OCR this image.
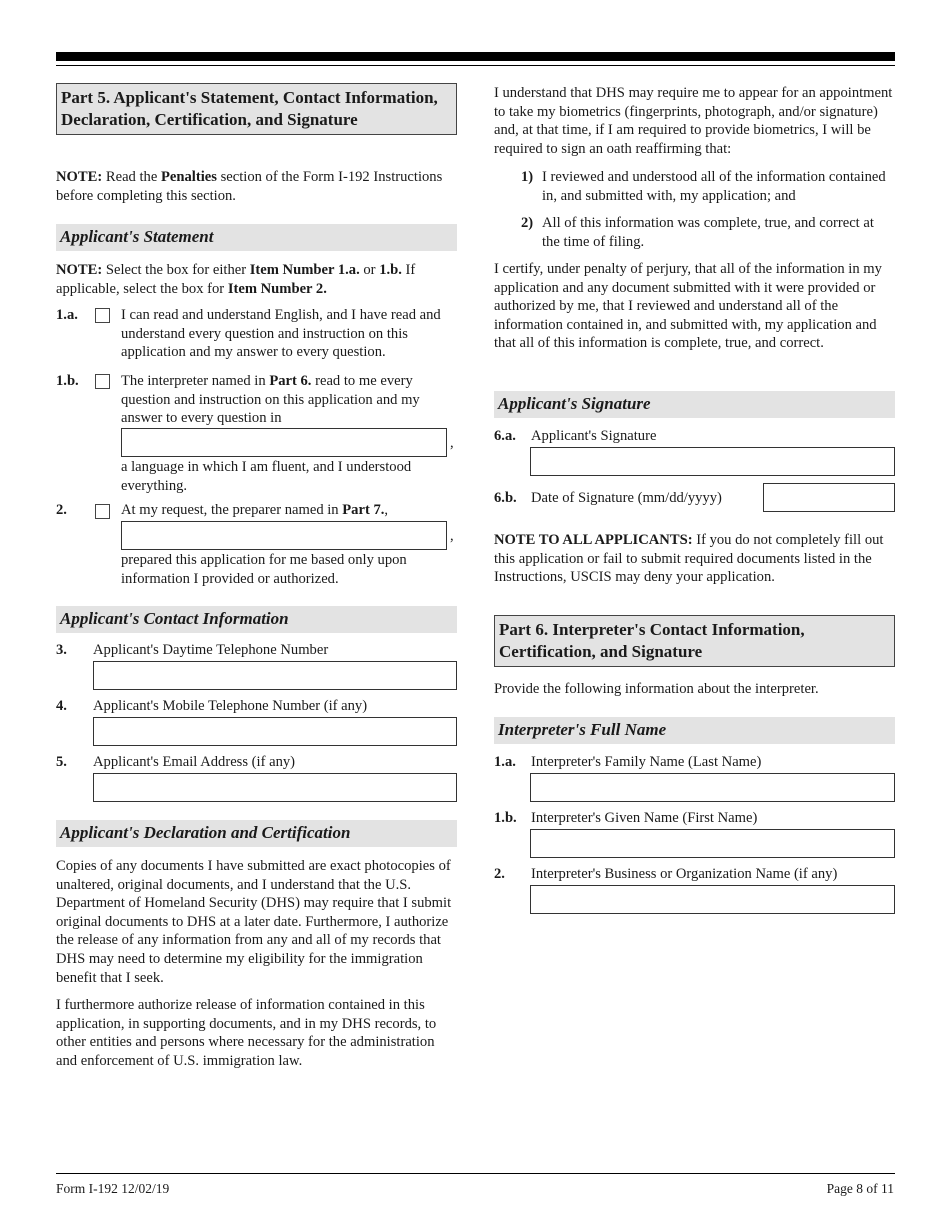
Part 5. Applicant's Statement, Contact Information, Declaration, Certification, and Signature

NOTE: Read the Penalties section of the Form I-192 Instructions before completing this section.

Applicant's Statement

NOTE: Select the box for either Item Number 1.a. or 1.b. If applicable, select the box for Item Number 2.

1.a.	I can read and understand English, and I have read and understand every question and instruction on this application and my answer to every question.

1.b.	The interpreter named in Part 6. read to me every question and instruction on this application and my answer to every question in

,

a language in which I am fluent, and I understood everything.

2.	At my request, the preparer named in Part 7.,

,

prepared this application for me based only upon information I provided or authorized.

Applicant's Contact Information
3. Applicant's Daytime Telephone Number
4. Applicant's Mobile Telephone Number (if any)
5. Applicant's Email Address (if any)
Applicant's Declaration and Certification

Copies of any documents I have submitted are exact photocopies of unaltered, original documents, and I understand that the U.S. Department of Homeland Security (DHS) may require that I submit original documents to DHS at a later date. Furthermore, I authorize the release of any information from any and all of my records that DHS may need to determine my eligibility for the immigration benefit that I seek.

I furthermore authorize release of information contained in this application, in supporting documents, and in my DHS records, to other entities and persons where necessary for the administration and enforcement of U.S. immigration law.

I understand that DHS may require me to appear for an appointment to take my biometrics (fingerprints, photograph, and/or signature) and, at that time, if I am required to provide biometrics, I will be required to sign an oath reaffirming that:

1) I reviewed and understood all of the information contained in, and submitted with, my application; and

2) All of this information was complete, true, and correct at the time of filing.

I certify, under penalty of perjury, that all of the information in my application and any document submitted with it were provided or authorized by me, that I reviewed and understand all of the information contained in, and submitted with, my application and that all of this information is complete, true, and correct.

Applicant's Signature
6.a. Applicant's Signature
6.b. Date of Signature (mm/dd/yyyy)

NOTE TO ALL APPLICANTS: If you do not completely fill out this application or fail to submit required documents listed in the Instructions, USCIS may deny your application.

Part 6. Interpreter's Contact Information, Certification, and Signature

Provide the following information about the interpreter.

Interpreter's Full Name
1.a. Interpreter's Family Name (Last Name)
1.b. Interpreter's Given Name (First Name)
2. Interpreter's Business or Organization Name (if any)
Form I-192 12/02/19	Page 8 of 11
